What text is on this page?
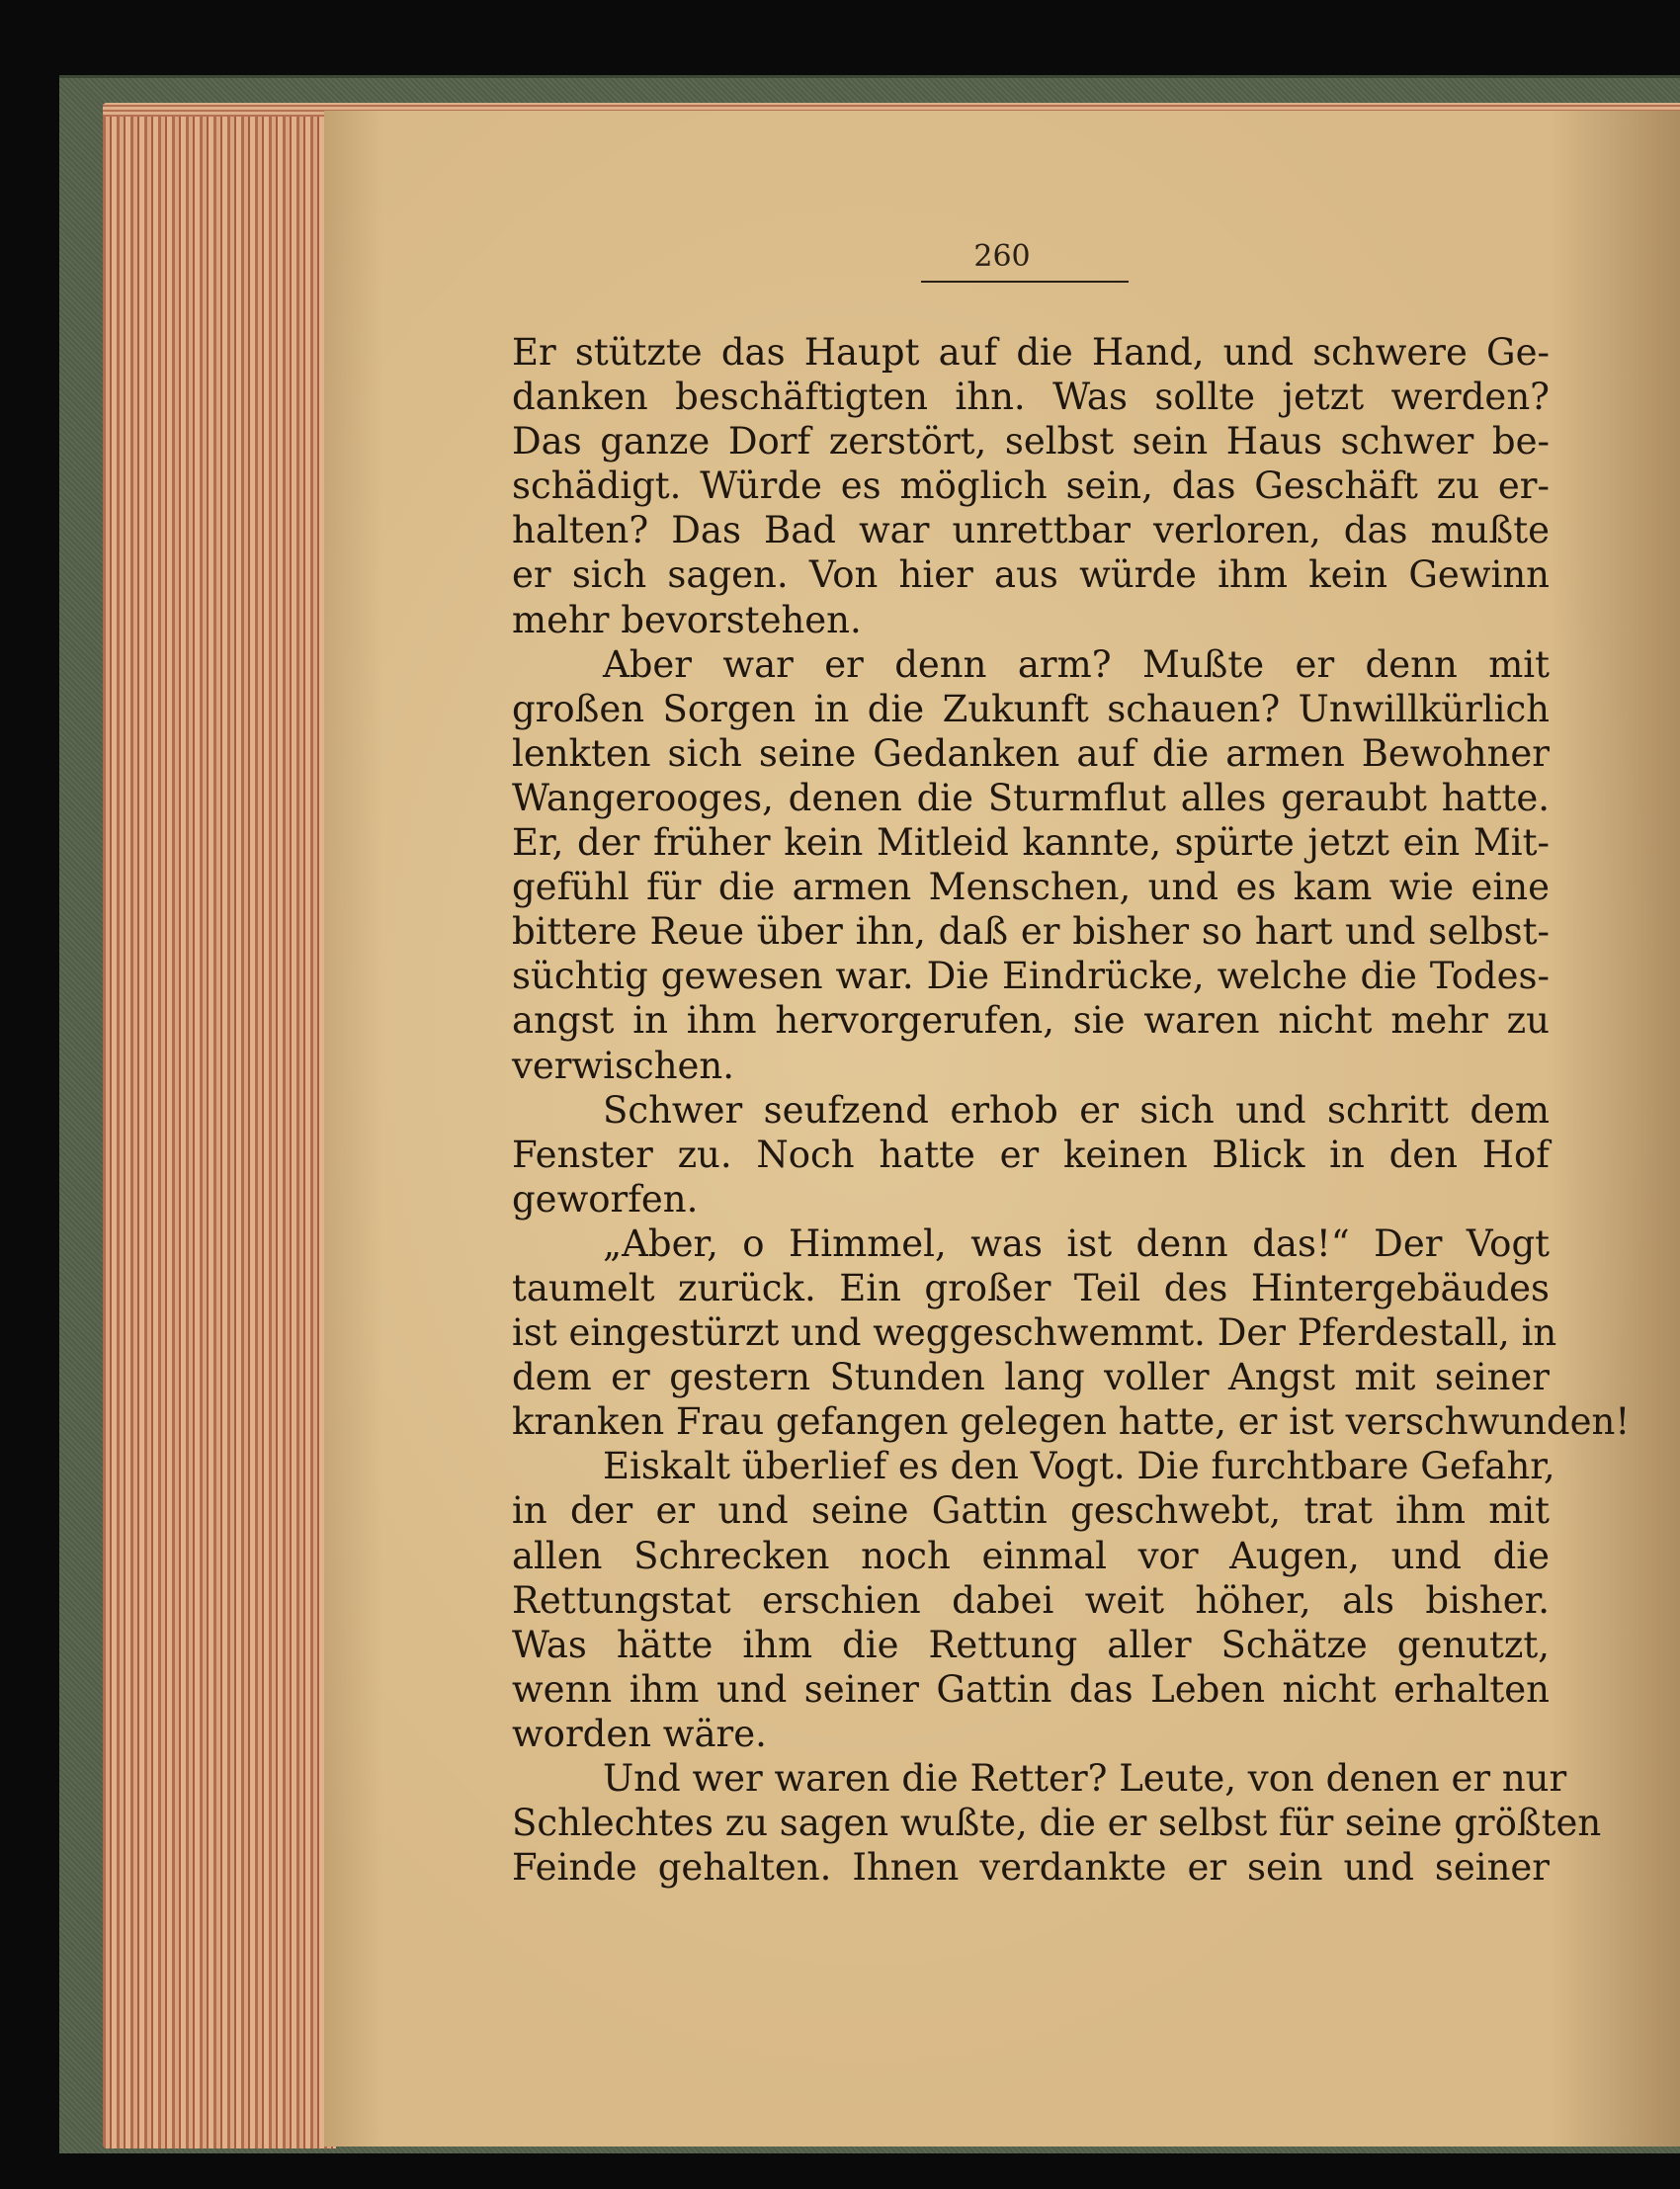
260
Er stützte das Haupt auf die Hand, und schwere Ge-
danken beschäftigten ihn. Was sollte jetzt werden?
Das ganze Dorf zerstört, selbst sein Haus schwer be-
schädigt. Würde es möglich sein, das Geschäft zu er-
halten? Das Bad war unrettbar verloren, das mußte
er sich sagen. Von hier aus würde ihm kein Gewinn
mehr bevorstehen.
Aber war er denn arm? Mußte er denn mit
großen Sorgen in die Zukunft schauen? Unwillkürlich
lenkten sich seine Gedanken auf die armen Bewohner
Wangerooges, denen die Sturmflut alles geraubt hatte.
Er, der früher kein Mitleid kannte, spürte jetzt ein Mit-
gefühl für die armen Menschen, und es kam wie eine
bittere Reue über ihn, daß er bisher so hart und selbst-
süchtig gewesen war. Die Eindrücke, welche die Todes-
angst in ihm hervorgerufen, sie waren nicht mehr zu
verwischen.
Schwer seufzend erhob er sich und schritt dem
Fenster zu. Noch hatte er keinen Blick in den Hof
geworfen.
„Aber, o Himmel, was ist denn das!“ Der Vogt
taumelt zurück. Ein großer Teil des Hintergebäudes
ist eingestürzt und weggeschwemmt. Der Pferdestall, in
dem er gestern Stunden lang voller Angst mit seiner
kranken Frau gefangen gelegen hatte, er ist verschwunden!
Eiskalt überlief es den Vogt. Die furchtbare Gefahr,
in der er und seine Gattin geschwebt, trat ihm mit
allen Schrecken noch einmal vor Augen, und die
Rettungstat erschien dabei weit höher, als bisher.
Was hätte ihm die Rettung aller Schätze genutzt,
wenn ihm und seiner Gattin das Leben nicht erhalten
worden wäre.
Und wer waren die Retter? Leute, von denen er nur
Schlechtes zu sagen wußte, die er selbst für seine größten
Feinde gehalten. Ihnen verdankte er sein und seiner
